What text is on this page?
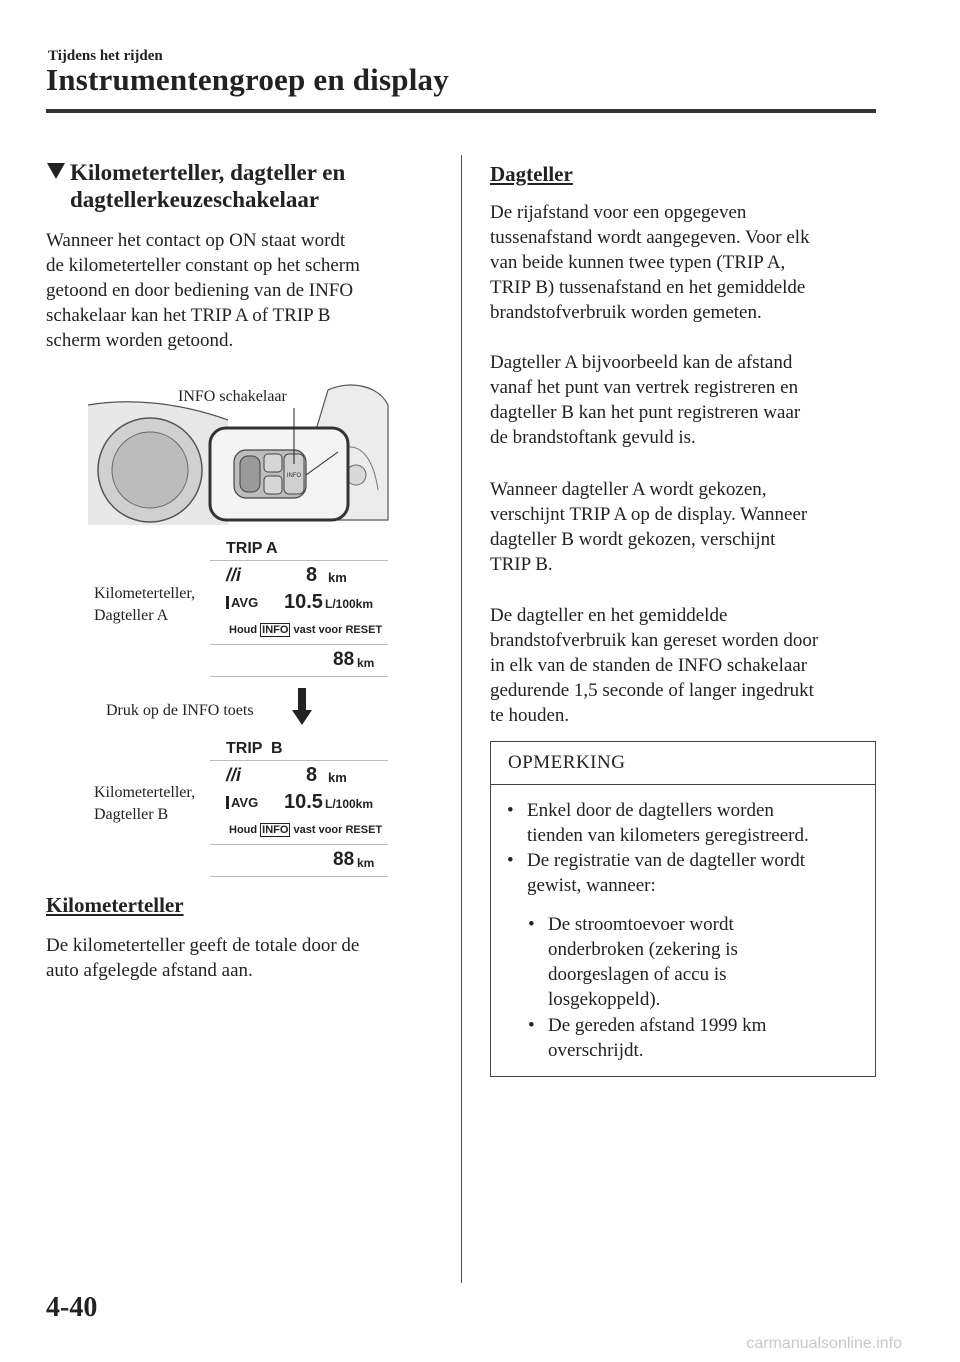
Tijdens het rijden
Instrumentengroep en display
Kilometerteller, dagteller en
dagtellerkeuzeschakelaar
Wanneer het contact op ON staat wordt
de kilometerteller constant op het scherm
getoond en door bediening van de INFO
schakelaar kan het TRIP A of TRIP B
scherm worden getoond.
INFO
INFO schakelaar
Kilometerteller,
Dagteller A
TRIP A
//i	8 km
AVG 10.5 L/100km
Houd INFO vast voor RESET
88 km
Druk op de INFO toets
Kilometerteller,
Dagteller B
TRIP  B
//i	8 km
AVG 10.5 L/100km
Houd INFO vast voor RESET
88 km
Kilometerteller
De kilometerteller geeft de totale door de
auto afgelegde afstand aan.
Dagteller
De rijafstand voor een opgegeven
tussenafstand wordt aangegeven. Voor elk
van beide kunnen twee typen (TRIP A,
TRIP B) tussenafstand en het gemiddelde
brandstofverbruik worden gemeten.
Dagteller A bijvoorbeeld kan de afstand
vanaf het punt van vertrek registreren en
dagteller B kan het punt registreren waar
de brandstoftank gevuld is.
Wanneer dagteller A wordt gekozen,
verschijnt TRIP A op de display. Wanneer
dagteller B wordt gekozen, verschijnt
TRIP B.
De dagteller en het gemiddelde
brandstofverbruik kan gereset worden door
in elk van de standen de INFO schakelaar
gedurende 1,5 seconde of langer ingedrukt
te houden.
OPMERKING
• Enkel door de dagtellers worden
tienden van kilometers geregistreerd.
• De registratie van de dagteller wordt
gewist, wanneer:
• De stroomtoevoer wordt
onderbroken (zekering is
doorgeslagen of accu is
losgekoppeld).
• De gereden afstand 1999 km
overschrijdt.
4-40
carmanualsonline.info
